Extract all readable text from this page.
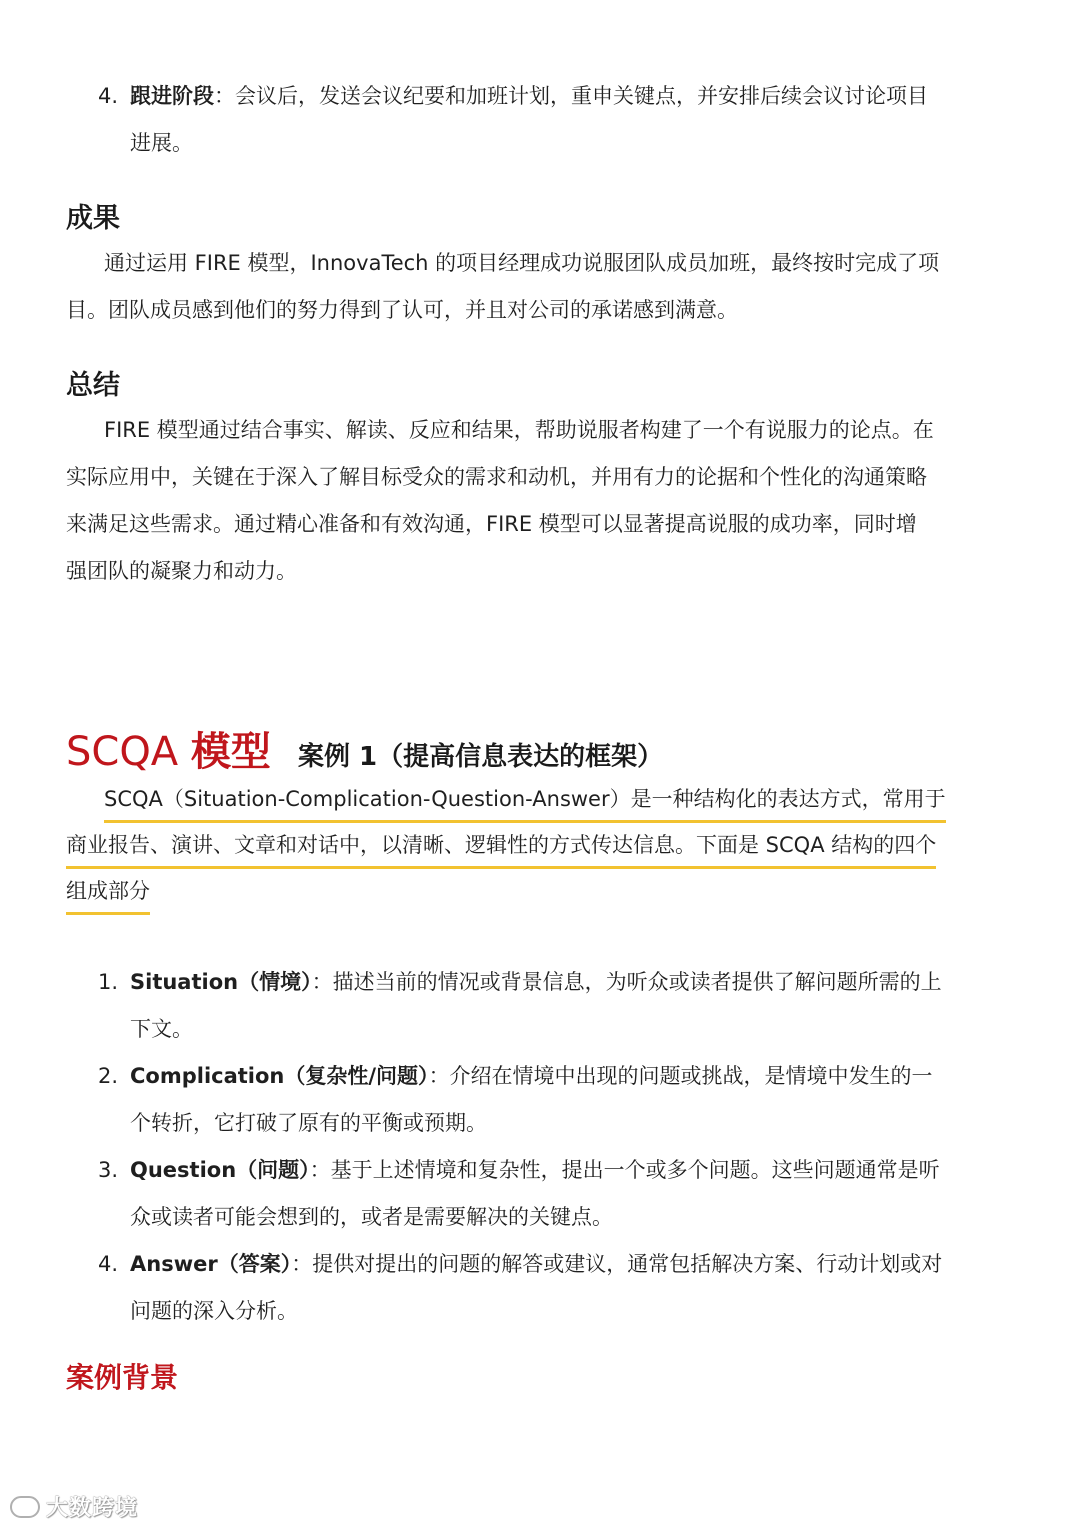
4. 跟进阶段：会议后，发送会议纪要和加班计划，重申关键点，并安排后续会议讨论项目
进展。
成果
通过运用 FIRE 模型，InnovaTech 的项目经理成功说服团队成员加班，最终按时完成了项
目。团队成员感到他们的努力得到了认可，并且对公司的承诺感到满意。
总结
FIRE 模型通过结合事实、解读、反应和结果，帮助说服者构建了一个有说服力的论点。在
实际应用中，关键在于深入了解目标受众的需求和动机，并用有力的论据和个性化的沟通策略
来满足这些需求。通过精心准备和有效沟通，FIRE 模型可以显著提高说服的成功率，同时增
强团队的凝聚力和动力。
SCQA 模型 案例 1（提高信息表达的框架）
SCQA（Situation-Complication-Question-Answer）是一种结构化的表达方式，常用于
商业报告、演讲、文章和对话中，以清晰、逻辑性的方式传达信息。下面是 SCQA 结构的四个
组成部分
1. Situation（情境）：描述当前的情况或背景信息，为听众或读者提供了解问题所需的上
下文。
2. Complication（复杂性/问题）：介绍在情境中出现的问题或挑战，是情境中发生的一
个转折，它打破了原有的平衡或预期。
3. Question（问题）：基于上述情境和复杂性，提出一个或多个问题。这些问题通常是听
众或读者可能会想到的，或者是需要解决的关键点。
4. Answer（答案）：提供对提出的问题的解答或建议，通常包括解决方案、行动计划或对
问题的深入分析。
案例背景
大数跨境
